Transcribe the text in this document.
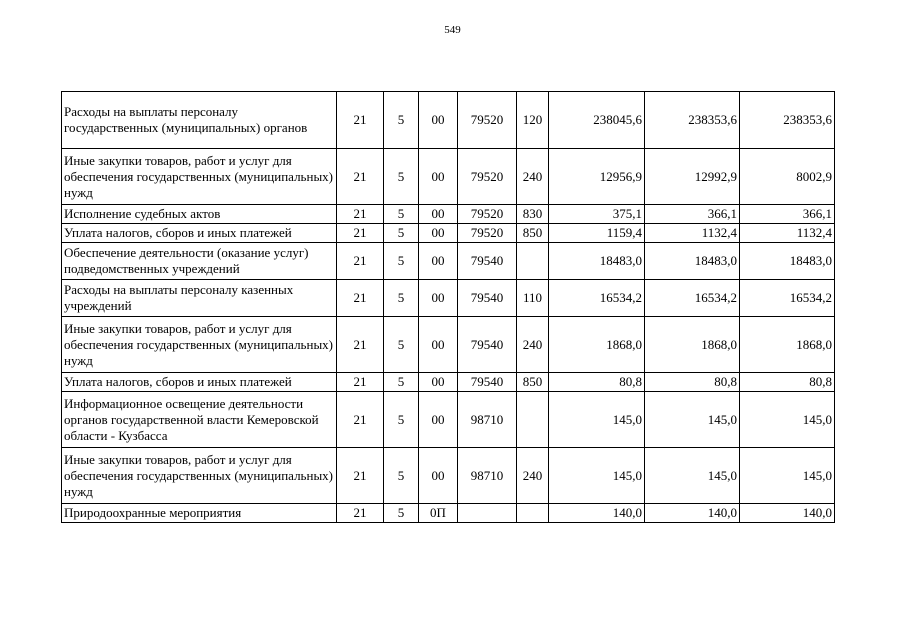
549
Расходы на выплаты персоналу государственных (муниципальных) органов	21	5	00	79520	120	238045,6	238353,6	238353,6
Иные закупки товаров, работ и услуг для обеспечения государственных (муниципальных) нужд	21	5	00	79520	240	12956,9	12992,9	8002,9
Исполнение судебных актов	21	5	00	79520	830	375,1	366,1	366,1
Уплата налогов, сборов и иных платежей	21	5	00	79520	850	1159,4	1132,4	1132,4
Обеспечение деятельности (оказание услуг) подведомственных учреждений	21	5	00	79540		18483,0	18483,0	18483,0
Расходы на выплаты персоналу казенных учреждений	21	5	00	79540	110	16534,2	16534,2	16534,2
Иные закупки товаров, работ и услуг для обеспечения государственных (муниципальных) нужд	21	5	00	79540	240	1868,0	1868,0	1868,0
Уплата налогов, сборов и иных платежей	21	5	00	79540	850	80,8	80,8	80,8
Информационное освещение деятельности органов государственной власти Кемеровской области - Кузбасса	21	5	00	98710		145,0	145,0	145,0
Иные закупки товаров, работ и услуг для обеспечения государственных (муниципальных) нужд	21	5	00	98710	240	145,0	145,0	145,0
Природоохранные мероприятия	21	5	0П			140,0	140,0	140,0
